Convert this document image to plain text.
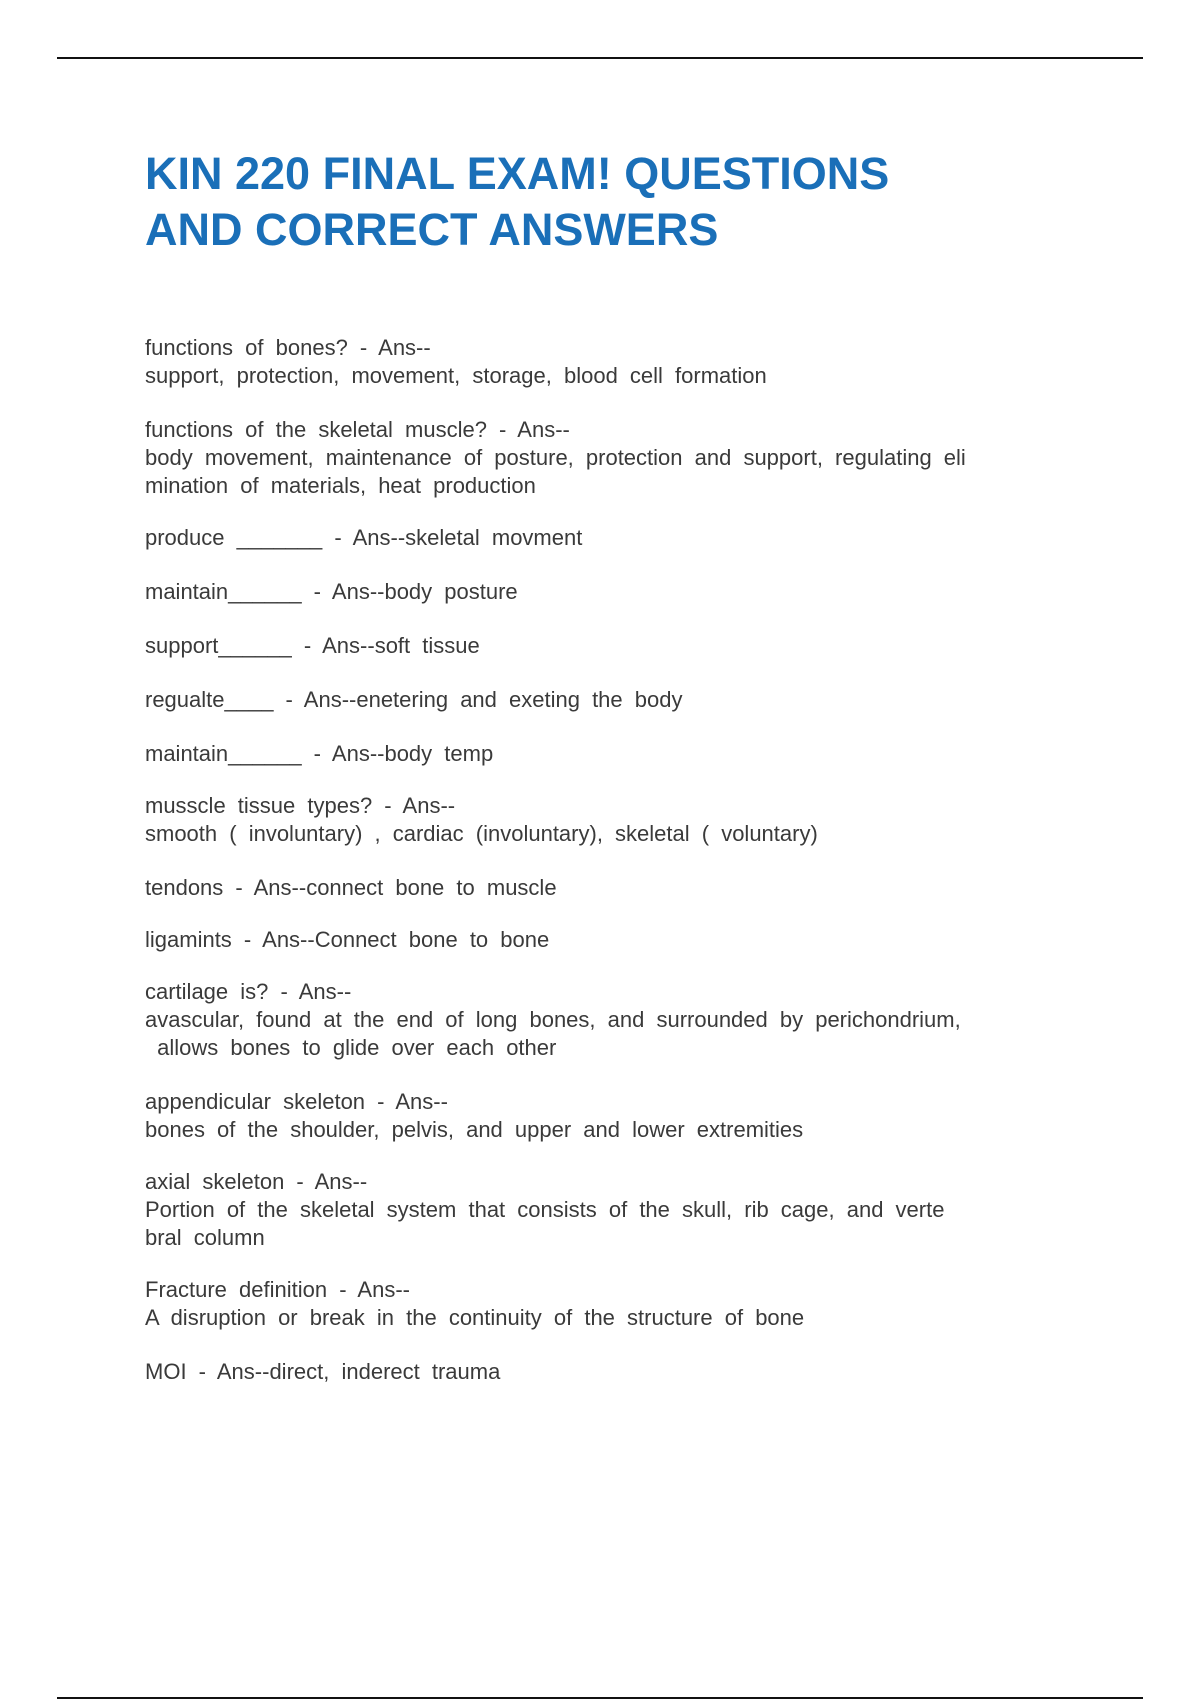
KIN 220 FINAL EXAM! QUESTIONS
AND CORRECT ANSWERS

functions of bones? - Ans--
support, protection, movement, storage, blood cell formation

functions of the skeletal muscle? - Ans--
body movement, maintenance of posture, protection and support, regulating eli
mination of materials, heat production

produce _______ - Ans--skeletal movment

maintain______ - Ans--body posture

support______ - Ans--soft tissue

regualte____ - Ans--enetering and exeting the body

maintain______ - Ans--body temp

musscle tissue types? - Ans--
smooth ( involuntary) , cardiac (involuntary), skeletal ( voluntary)

tendons - Ans--connect bone to muscle

ligamints - Ans--Connect bone to bone

cartilage is? - Ans--
avascular, found at the end of long bones, and surrounded by perichondrium,
allows bones to glide over each other

appendicular skeleton - Ans--
bones of the shoulder, pelvis, and upper and lower extremities

axial skeleton - Ans--
Portion of the skeletal system that consists of the skull, rib cage, and verte
bral column

Fracture definition - Ans--
A disruption or break in the continuity of the structure of bone

MOI - Ans--direct, inderect trauma
